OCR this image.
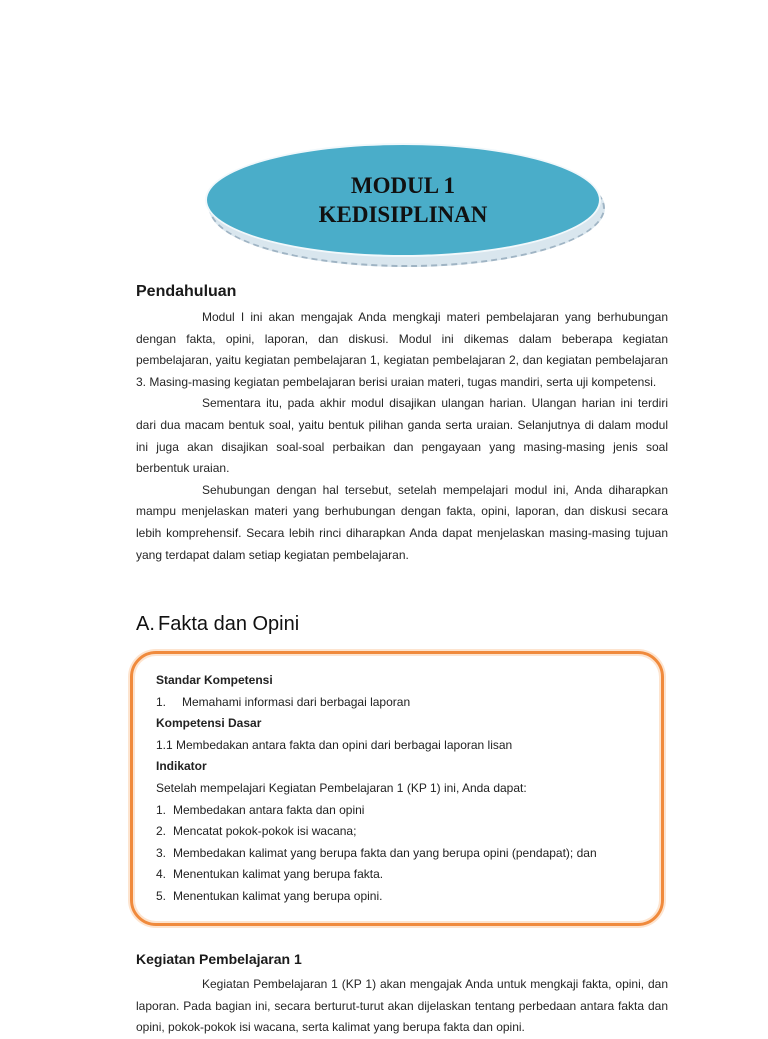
MODUL 1
KEDISIPLINAN
Pendahuluan

Modul I ini akan mengajak Anda mengkaji materi pembelajaran yang berhubungan dengan fakta, opini, laporan, dan diskusi. Modul ini dikemas dalam beberapa kegiatan pembelajaran, yaitu kegiatan pembelajaran 1, kegiatan pembelajaran 2, dan kegiatan pembelajaran 3. Masing-masing kegiatan pembelajaran berisi uraian materi, tugas mandiri, serta uji kompetensi.

Sementara itu, pada akhir modul disajikan ulangan harian. Ulangan harian ini terdiri dari dua macam bentuk soal, yaitu bentuk pilihan ganda serta uraian. Selanjutnya di dalam modul ini juga akan disajikan soal-soal perbaikan dan pengayaan yang masing-masing jenis soal berbentuk uraian.

Sehubungan dengan hal tersebut, setelah mempelajari modul ini, Anda diharapkan mampu menjelaskan materi yang berhubungan dengan fakta, opini, laporan, dan diskusi secara lebih komprehensif. Secara lebih rinci diharapkan Anda dapat menjelaskan masing-masing tujuan yang terdapat dalam setiap kegiatan pembelajaran.

A. Fakta dan Opini
Standar Kompetensi
1. Memahami informasi dari berbagai laporan
Kompetensi Dasar
1.1 Membedakan antara fakta dan opini dari berbagai laporan lisan
Indikator
Setelah mempelajari Kegiatan Pembelajaran 1 (KP 1) ini, Anda dapat:
1. Membedakan antara fakta dan opini
2. Mencatat pokok-pokok isi wacana;
3. Membedakan kalimat yang berupa fakta dan yang berupa opini (pendapat); dan
4. Menentukan kalimat yang berupa fakta.
5. Menentukan kalimat yang berupa opini.
Kegiatan Pembelajaran 1

Kegiatan Pembelajaran 1 (KP 1) akan mengajak Anda untuk mengkaji fakta, opini, dan laporan. Pada bagian ini, secara berturut-turut akan dijelaskan tentang perbedaan antara fakta dan opini, pokok-pokok isi wacana, serta kalimat yang berupa fakta dan opini.
